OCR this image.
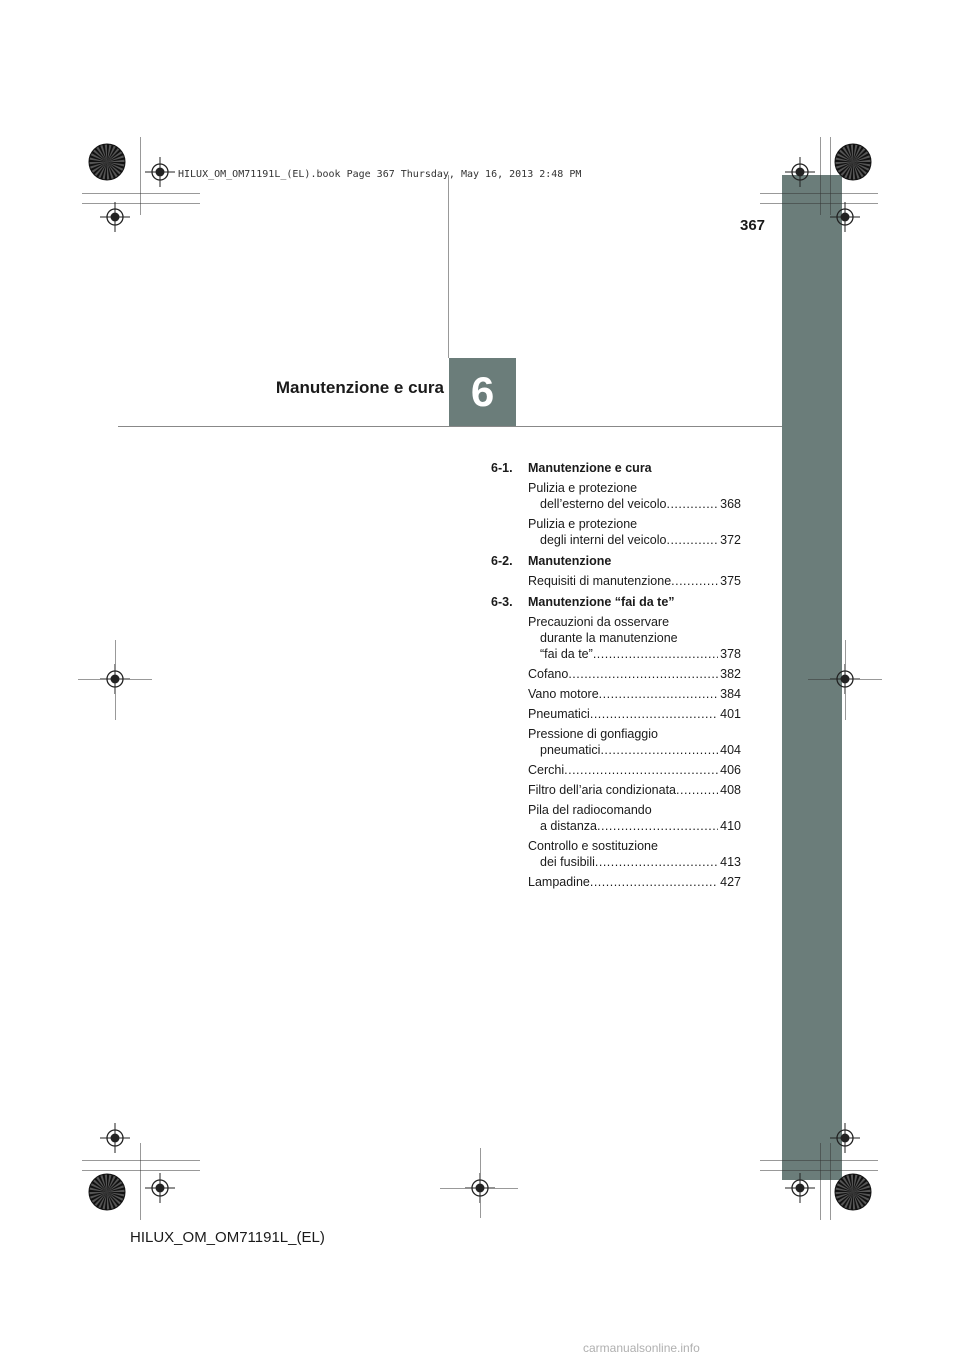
HILUX_OM_OM71191L_(EL).book Page 367 Thursday, May 16, 2013 2:48 PM
367
Manutenzione e cura 6
6-1. Manutenzione e cura
Pulizia e protezione
dell’esterno del veicolo .....	368
Pulizia e protezione
degli interni del veicolo .....	372
6-2. Manutenzione
Requisiti di manutenzione .....	375
6-3. Manutenzione “fai da te”
Precauzioni da osservare
durante la manutenzione
“fai da te” .....	378
Cofano .....	382
Vano motore .....	384
Pneumatici .....	401
Pressione di gonfiaggio
pneumatici .....	404
Cerchi .....	406
Filtro dell’aria condizionata .....	408
Pila del radiocomando
a distanza .....	410
Controllo e sostituzione
dei fusibili .....	413
Lampadine .....	427
HILUX_OM_OM71191L_(EL)
carmanualsonline.info
